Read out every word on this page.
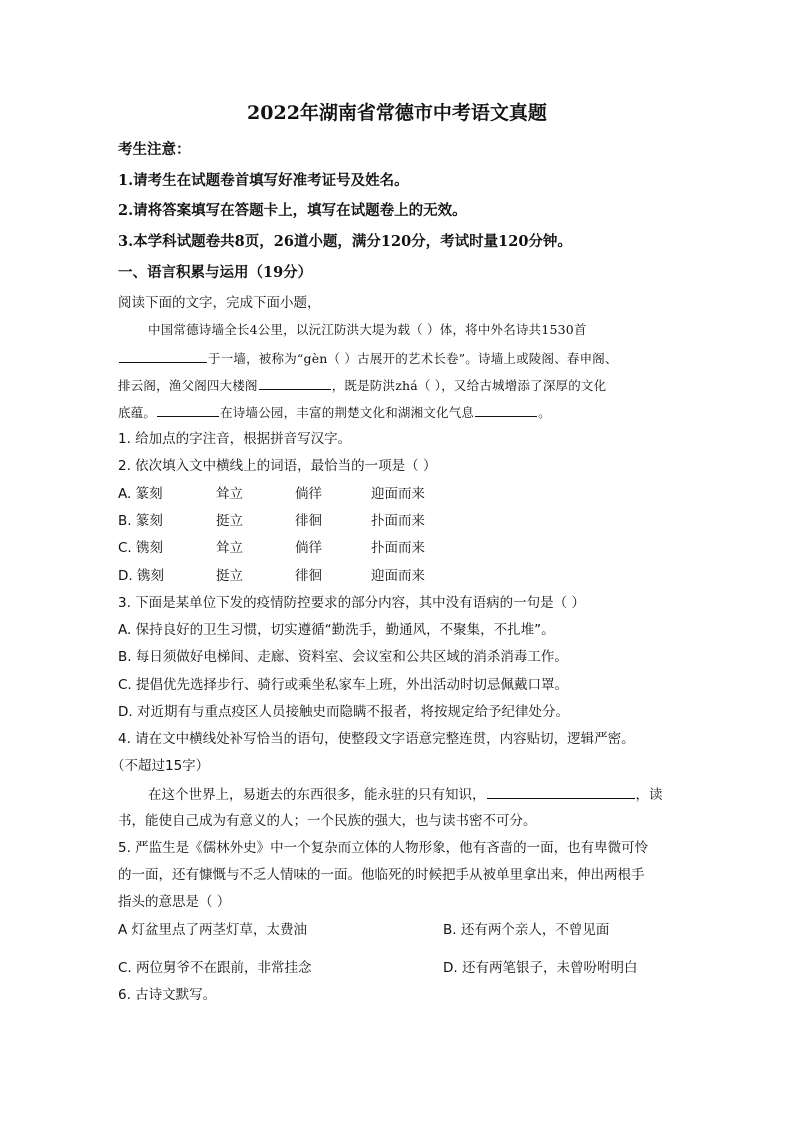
2022年湖南省常德市中考语文真题
考生注意：
1.请考生在试题卷首填写好准考证号及姓名。
2.请将答案填写在答题卡上，填写在试题卷上的无效。
3.本学科试题卷共8页，26道小题，满分120分，考试时量120分钟。
一、语言积累与运用（19分）
阅读下面的文字，完成下面小题，
中国常德诗墙全长4公里，以沅江防洪大堤为载（ ）体，将中外名诗共1530首
于一墙，被称为“gèn（ ）古展开的艺术长卷”。诗墙上或陵阁、春申阁、
排云阁，渔父阁四大楼阁	，既是防洪zhá（ ），又给古城增添了深厚的文化
底蕴。	在诗墙公园，丰富的荆楚文化和湖湘文化气息	。
1. 给加点的字注音，根据拼音写汉字。
2. 依次填入文中横线上的词语，最恰当的一项是（ ）
A. 篆刻	耸立	倘徉	迎面而来
B. 篆刻	挺立	徘徊	扑面而来
C. 镌刻	耸立	倘徉	扑面而来
D. 镌刻	挺立	徘徊	迎面而来
3. 下面是某单位下发的疫情防控要求的部分内容，其中没有语病的一句是（ ）
A. 保持良好的卫生习惯，切实遵循“勤洗手，勤通风，不聚集，不扎堆”。
B. 每日须做好电梯间、走廊、资料室、会议室和公共区域的消杀消毒工作。
C. 提倡优先选择步行、骑行或乘坐私家车上班，外出活动时切忌佩戴口罩。
D. 对近期有与重点疫区人员接触史而隐瞒不报者，将按规定给予纪律处分。
4. 请在文中横线处补写恰当的语句，使整段文字语意完整连贯，内容贴切，逻辑严密。
（不超过15字）
在这个世界上，易逝去的东西很多，能永驻的只有知识，	，读
书，能使自己成为有意义的人；一个民族的强大，也与读书密不可分。
5. 严监生是《儒林外史》中一个复杂而立体的人物形象，他有吝啬的一面，也有卑微可怜
的一面，还有慷慨与不乏人情味的一面。他临死的时候把手从被单里拿出来，伸出两根手
指头的意思是（ ）
A 灯盆里点了两茎灯草，太费油	B. 还有两个亲人，不曾见面
C. 两位舅爷不在跟前，非常挂念	D. 还有两笔银子，未曾吩咐明白
6. 古诗文默写。
